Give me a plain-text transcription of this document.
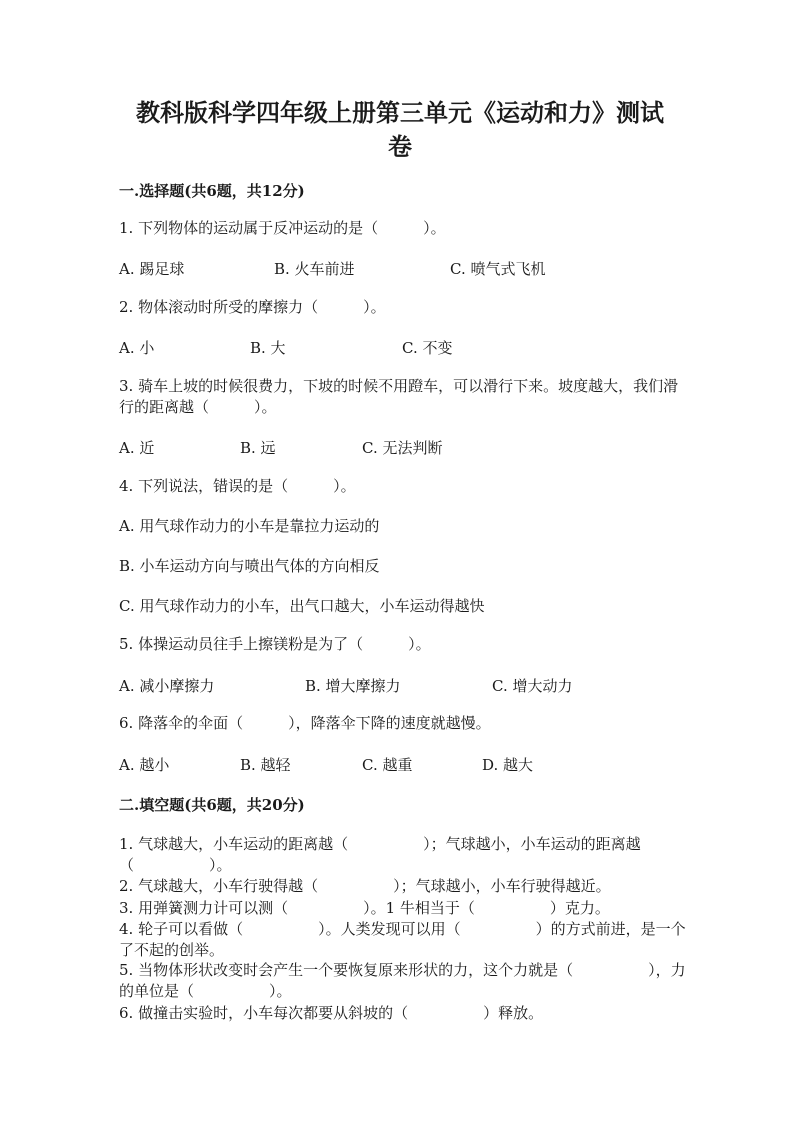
教科版科学四年级上册第三单元《运动和力》测试
卷
一.选择题(共6题，共12分)
1. 下列物体的运动属于反冲运动的是（　　　）。
A. 踢足球	B. 火车前进	C. 喷气式飞机
2. 物体滚动时所受的摩擦力（　　　）。
A. 小	B. 大	C. 不变
3. 骑车上坡的时候很费力，下坡的时候不用蹬车，可以滑行下来。坡度越大，我们滑行的距离越（　　　）。
A. 近	B. 远	C. 无法判断
4. 下列说法，错误的是（　　　）。
A. 用气球作动力的小车是靠拉力运动的
B. 小车运动方向与喷出气体的方向相反
C. 用气球作动力的小车，出气口越大，小车运动得越快
5. 体操运动员往手上擦镁粉是为了（　　　）。
A. 减小摩擦力	B. 增大摩擦力	C. 增大动力
6. 降落伞的伞面（　　　），降落伞下降的速度就越慢。
A. 越小	B. 越轻	C. 越重	D. 越大
二.填空题(共6题，共20分)
1. 气球越大，小车运动的距离越（　　　　　）；气球越小，小车运动的距离越（　　　　　）。
2. 气球越大，小车行驶得越（　　　　　）；气球越小，小车行驶得越近。
3. 用弹簧测力计可以测（　　　　　）。1 牛相当于（　　　　　）克力。
4. 轮子可以看做（　　　　　）。人类发现可以用（　　　　　）的方式前进，是一个了不起的创举。
5. 当物体形状改变时会产生一个要恢复原来形状的力，这个力就是（　　　　　），力的单位是（　　　　　）。
6. 做撞击实验时，小车每次都要从斜坡的（　　　　　）释放。
